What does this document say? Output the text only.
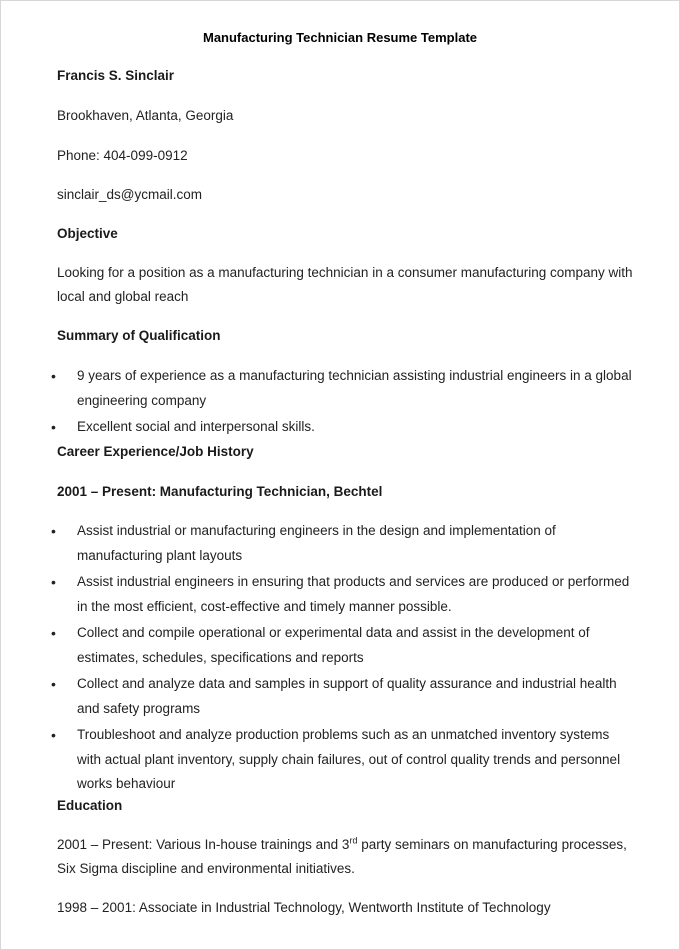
Manufacturing Technician Resume Template
Francis S. Sinclair
Brookhaven, Atlanta, Georgia
Phone: 404-099-0912
sinclair_ds@ycmail.com
Objective
Looking for a position as a manufacturing technician in a consumer manufacturing company with local and global reach
Summary of Qualification
• 9 years of experience as a manufacturing technician assisting industrial engineers in a global engineering company
• Excellent social and interpersonal skills.
Career Experience/Job History
2001 – Present: Manufacturing Technician, Bechtel
• Assist industrial or manufacturing engineers in the design and implementation of manufacturing plant layouts
• Assist industrial engineers in ensuring that products and services are produced or performed in the most efficient, cost-effective and timely manner possible.
• Collect and compile operational or experimental data and assist in the development of estimates, schedules, specifications and reports
• Collect and analyze data and samples in support of quality assurance and industrial health and safety programs
• Troubleshoot and analyze production problems such as an unmatched inventory systems with actual plant inventory, supply chain failures, out of control quality trends and personnel works behaviour
Education
2001 – Present: Various In-house trainings and 3rd party seminars on manufacturing processes, Six Sigma discipline and environmental initiatives.
1998 – 2001: Associate in Industrial Technology, Wentworth Institute of Technology
